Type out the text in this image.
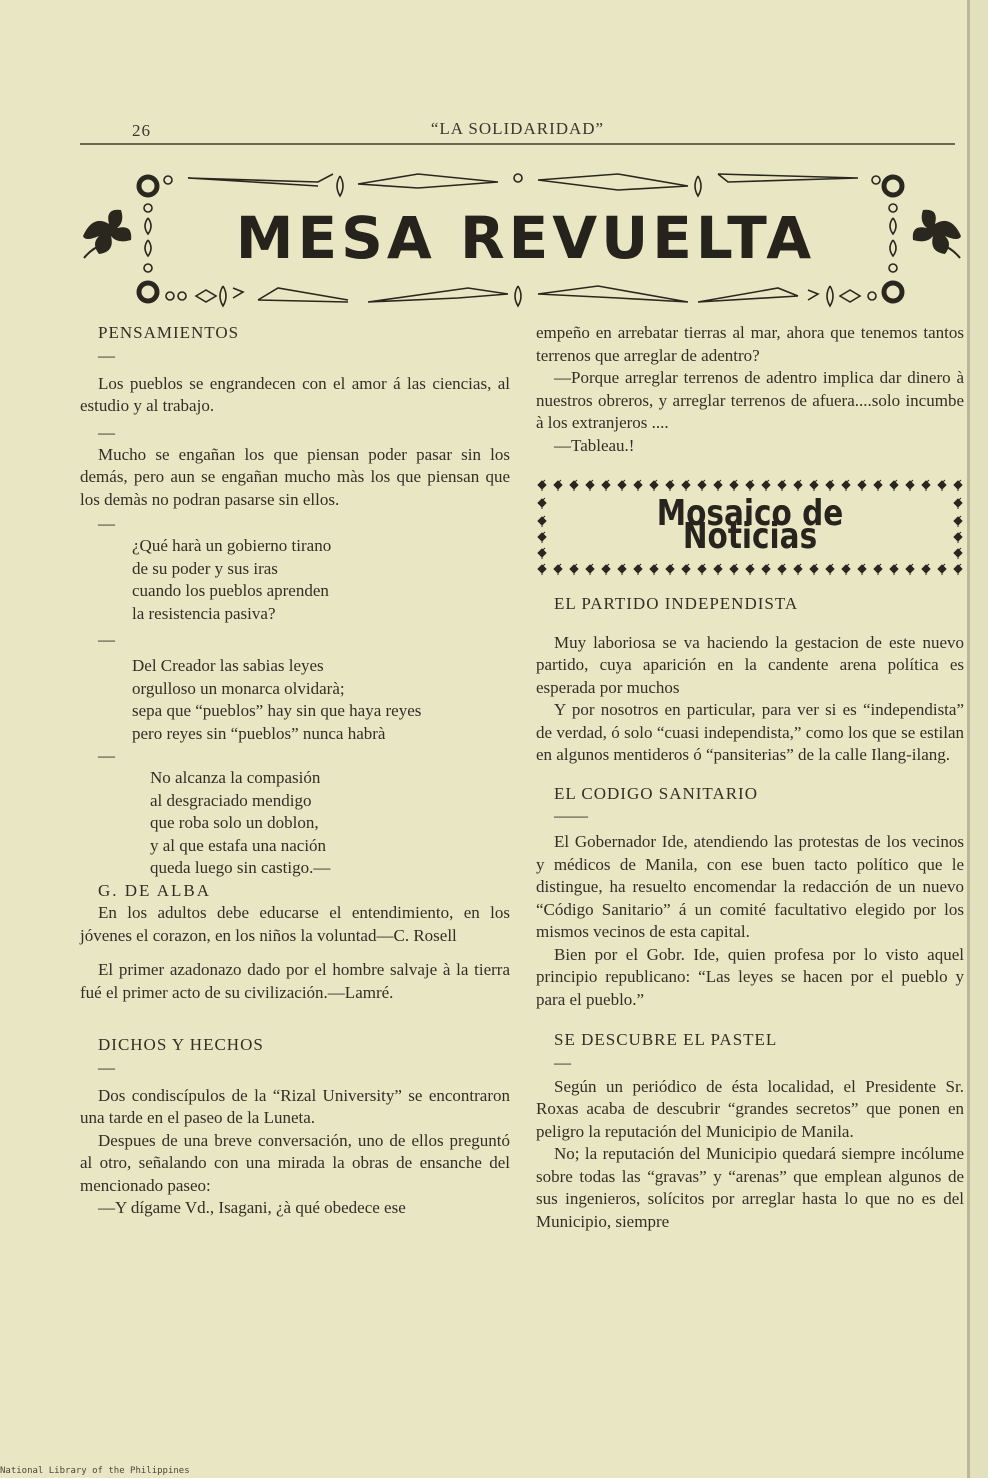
26	“LA SOLIDARIDAD”
MESA REVUELTA

PENSAMIENTOS

—

Los pueblos se engrandecen con el amor á las ciencias, al estudio y al trabajo.

—

Mucho se engañan los que piensan poder pasar sin los demás, pero aun se engañan mucho màs los que piensan que los demàs no podran pasarse sin ellos.

—

¿Qué harà un gobierno tirano
de su poder y sus iras
cuando los pueblos aprenden
la resistencia pasiva?

—

Del Creador las sabias leyes
orgulloso un monarca olvidarà;
sepa que “pueblos” hay sin que haya reyes
pero reyes sin “pueblos” nunca habrà

—

No alcanza la compasión
al desgraciado mendigo
que roba solo un doblon,
y al que estafa una nación
queda luego sin castigo.—

G. DE ALBA

En los adultos debe educarse el entendimiento, en los jóvenes el corazon, en los niños la voluntad—C. Rosell

El primer azadonazo dado por el hombre salvaje à la tierra fué el primer acto de su civilización.—Lamré.

DICHOS Y HECHOS

—

Dos condiscípulos de la “Rizal University” se encontraron una tarde en el paseo de la Luneta.

Despues de una breve conversación, uno de ellos preguntó al otro, señalando con una mirada la obras de ensanche del mencionado paseo:

—Y dígame Vd., Isagani, ¿à qué obedece ese

empeño en arrebatar tierras al mar, ahora que tenemos tantos terrenos que arreglar de adentro?

—Porque arreglar terrenos de adentro implica dar dinero à nuestros obreros, y arreglar terrenos de afuera....solo incumbe à los extranjeros ....

—Tableau.!

Mosaico de Noticias

EL PARTIDO INDEPENDISTA

Muy laboriosa se va haciendo la gestacion de este nuevo partido, cuya aparición en la candente arena política es esperada por muchos

Y por nosotros en particular, para ver si es “independista” de verdad, ó solo “cuasi independista,” como los que se estilan en algunos mentideros ó “pansiterias” de la calle Ilang-ilang.

EL CODIGO SANITARIO

——

El Gobernador Ide, atendiendo las protestas de los vecinos y médicos de Manila, con ese buen tacto político que le distingue, ha resuelto encomendar la redacción de un nuevo “Código Sanitario” á un comité facultativo elegido por los mismos vecinos de esta capital.

Bien por el Gobr. Ide, quien profesa por lo visto aquel principio republicano: “Las leyes se hacen por el pueblo y para el pueblo.”

SE DESCUBRE EL PASTEL

—

Según un periódico de ésta localidad, el Presidente Sr. Roxas acaba de descubrir “grandes secretos” que ponen en peligro la reputación del Municipio de Manila.

No; la reputación del Municipio quedará siempre incólume sobre todas las “gravas” y “arenas” que emplean algunos de sus ingenieros, solícitos por arreglar hasta lo que no es del Municipio, siempre

National Library of the Philippines
